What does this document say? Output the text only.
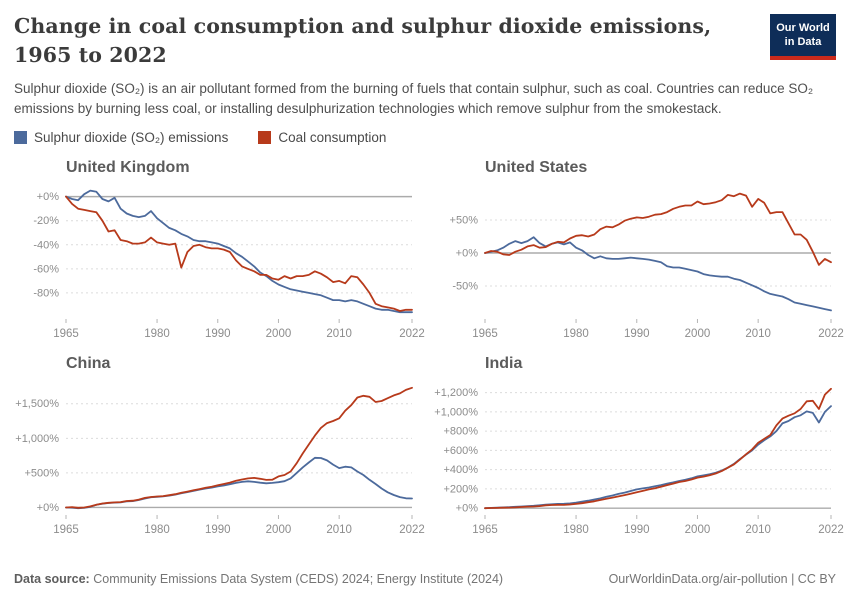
Change in coal consumption and sulphur dioxide emissions, 1965 to 2022
Our World
in Data

Sulphur dioxide (SO₂) is an air pollutant formed from the burning of fuels that contain sulphur, such as coal. Countries can reduce SO₂ emissions by burning less coal, or installing desulphurization technologies which remove sulphur from the smokestack.

Sulphur dioxide (SO₂) emissions	Coal consumption
United Kingdom
+0%
-20%
-40%
-60%
-80%
1965	1980	1990	2000	2010	2022
United States
+50%
+0%
-50%
1965	1980	1990	2000	2010	2022
China
+1,500%
+1,000%
+500%
+0%
1965	1980	1990	2000	2010	2022
India
+1,200%
+1,000%
+800%
+600%
+400%
+200%
+0%
1965	1980	1990	2000	2010	2022
Data source: Community Emissions Data System (CEDS) 2024; Energy Institute (2024)	OurWorldinData.org/air-pollution | CC BY
